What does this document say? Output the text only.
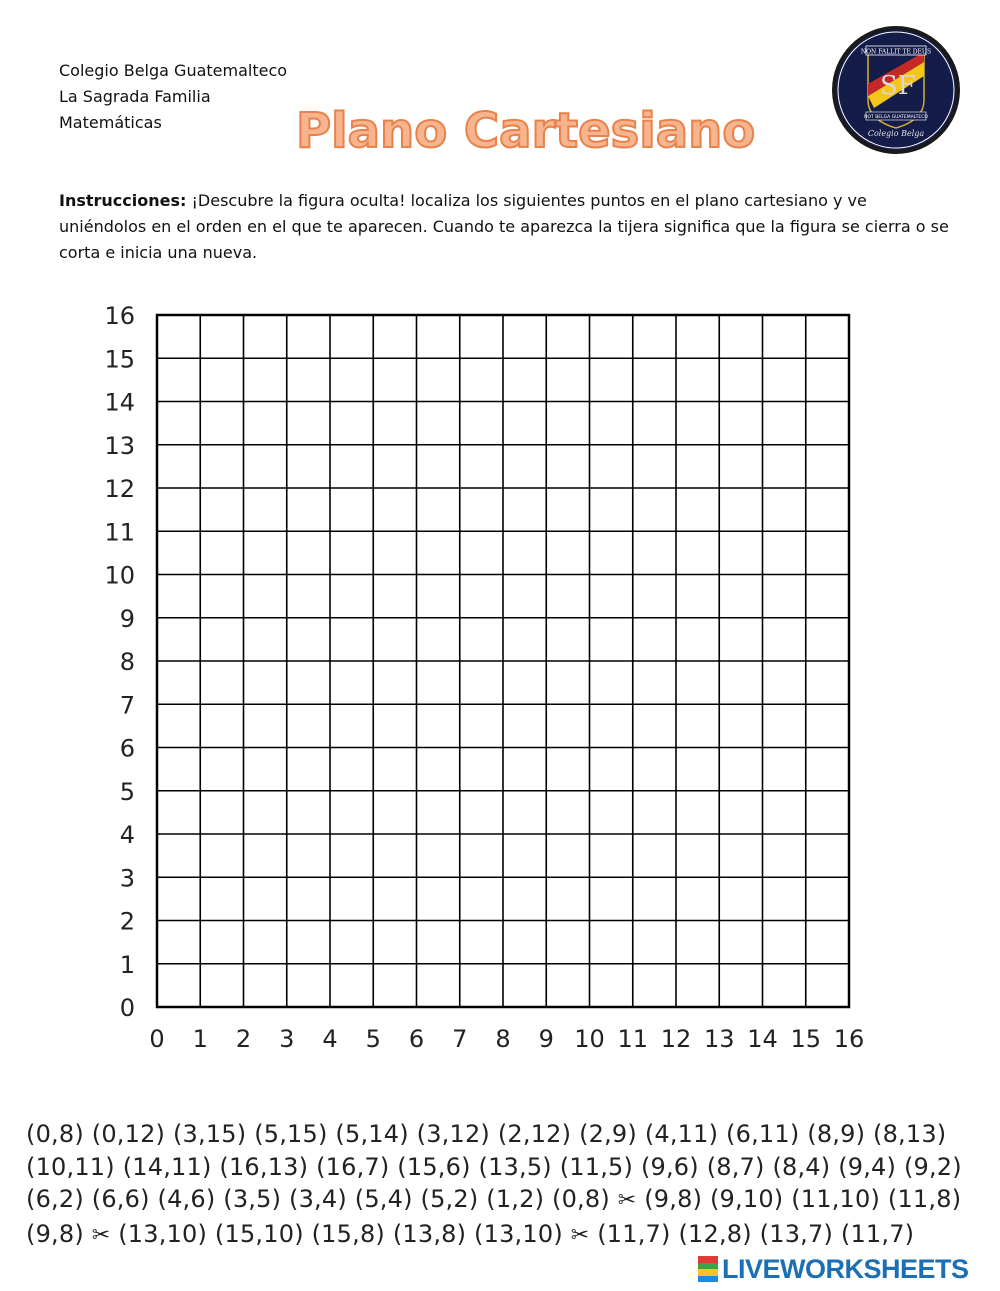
Colegio Belga Guatemalteco
La Sagrada Familia
Matemáticas	Plano Cartesiano
NON FALLIT TE DEUS
SF
NOT BELGA GUATEMALTECO
Colegio Belga
Instrucciones: ¡Descubre la figura oculta! localiza los siguientes puntos en el plano cartesiano y ve uniéndolos en el orden en el que te aparecen. Cuando te aparezca la tijera significa que la figura se cierra o se corta e inicia una nueva.
0 1 2 3 4 5 6 7 8 9 10 11 12 13 14 15 16
0
1
2
3
4
5
6
7
8
9
10
11
12
13
14
15
16
(0,8) (0,12) (3,15) (5,15) (5,14) (3,12) (2,12) (2,9) (4,11) (6,11) (8,9) (8,13)
(10,11) (14,11) (16,13) (16,7) (15,6) (13,5) (11,5) (9,6) (8,7) (8,4) (9,4) (9,2)
(6,2) (6,6) (4,6) (3,5) (3,4) (5,4) (5,2) (1,2) (0,8) ✂ (9,8) (9,10) (11,10) (11,8)
(9,8) ✂ (13,10) (15,10) (15,8) (13,8) (13,10) ✂ (11,7) (12,8) (13,7) (11,7)
LIVEWORKSHEETS
